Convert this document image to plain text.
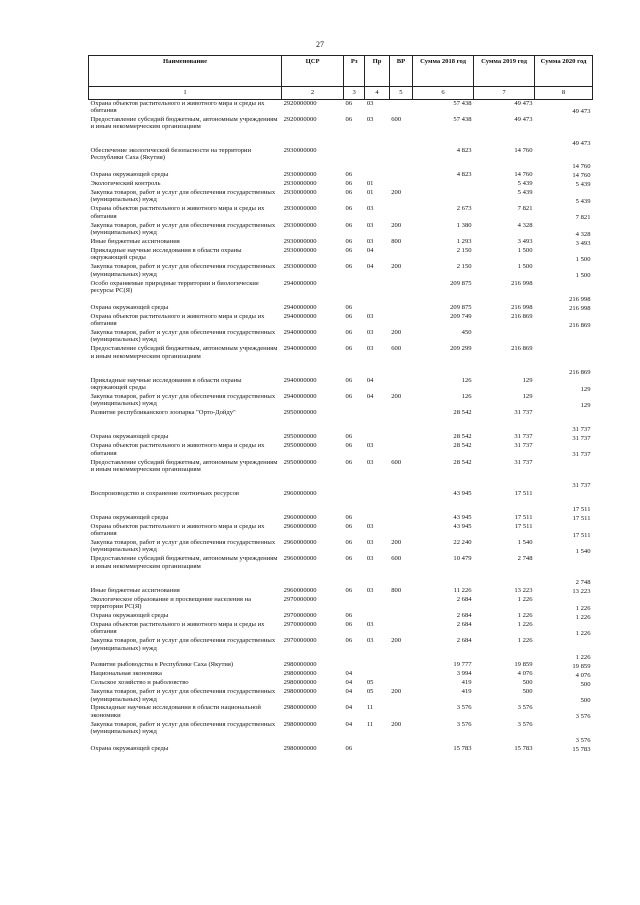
27
Наименование	ЦСР	Рз	Пр	ВР	Сумма 2018 год	Сумма 2019 год	Сумма 2020 год
1	2	3	4	5	6	7	8
Охрана объектов растительного и животного мира и среды их обитания	2920000000	06	03		57 438	49 473	49 473
Предоставление субсидий бюджетным, автономным учреждениям и иным некоммерческим организациям	2920000000	06	03	600	57 438	49 473	49 473
Обеспечение экологической безопасности на территории Республики Саха (Якутия)	2930000000				4 823	14 760	14 760
Охрана окружающей среды	2930000000	06			4 823	14 760	14 760
Экологический контроль	2930000000	06	01			5 439	5 439
Закупка товаров, работ и услуг для обеспечения государственных (муниципальных) нужд	2930000000	06	01	200		5 439	5 439
Охрана объектов растительного и животного мира и среды их обитания	2930000000	06	03		2 673	7 821	7 821
Закупка товаров, работ и услуг для обеспечения государственных (муниципальных) нужд	2930000000	06	03	200	1 380	4 328	4 328
Иные бюджетные ассигнования	2930000000	06	03	800	1 293	3 493	3 493
Прикладные научные исследования в области охраны окружающей среды	2930000000	06	04		2 150	1 500	1 500
Закупка товаров, работ и услуг для обеспечения государственных (муниципальных) нужд	2930000000	06	04	200	2 150	1 500	1 500
Особо охраняемые природные территории и биологические ресурсы РС(Я)	2940000000				209 875	216 998	216 998
Охрана окружающей среды	2940000000	06			209 875	216 998	216 998
Охрана объектов растительного и животного мира и среды их обитания	2940000000	06	03		209 749	216 869	216 869
Закупка товаров, работ и услуг для обеспечения государственных (муниципальных) нужд	2940000000	06	03	200	450		
Предоставление субсидий бюджетным, автономным учреждениям и иным некоммерческим организациям	2940000000	06	03	600	209 299	216 869	216 869
Прикладные научные исследования в области охраны окружающей среды	2940000000	06	04		126	129	129
Закупка товаров, работ и услуг для обеспечения государственных (муниципальных) нужд	2940000000	06	04	200	126	129	129
Развитие республиканского зоопарка "Орто-Дойду"	2950000000				28 542	31 737	31 737
Охрана окружающей среды	2950000000	06			28 542	31 737	31 737
Охрана объектов растительного и животного мира и среды их обитания	2950000000	06	03		28 542	31 737	31 737
Предоставление субсидий бюджетным, автономным учреждениям и иным некоммерческим организациям	2950000000	06	03	600	28 542	31 737	31 737
Воспроизводство и сохранение охотничьих ресурсов	2960000000				43 945	17 511	17 511
Охрана окружающей среды	2960000000	06			43 945	17 511	17 511
Охрана объектов растительного и животного мира и среды их обитания	2960000000	06	03		43 945	17 511	17 511
Закупка товаров, работ и услуг для обеспечения государственных (муниципальных) нужд	2960000000	06	03	200	22 240	1 540	1 540
Предоставление субсидий бюджетным, автономным учреждениям и иным некоммерческим организациям	2960000000	06	03	600	10 479	2 748	2 748
Иные бюджетные ассигнования	2960000000	06	03	800	11 226	13 223	13 223
Экологическое образование и просвещение населения на территории РС(Я)	2970000000				2 684	1 226	1 226
Охрана окружающей среды	2970000000	06			2 684	1 226	1 226
Охрана объектов растительного и животного мира и среды их обитания	2970000000	06	03		2 684	1 226	1 226
Закупка товаров, работ и услуг для обеспечения государственных (муниципальных) нужд	2970000000	06	03	200	2 684	1 226	1 226
Развитие рыбоводства в Республике Саха (Якутия)	2980000000				19 777	19 859	19 859
Национальная экономика	2980000000	04			3 994	4 076	4 076
Сельское хозяйство и рыболовство	2980000000	04	05		419	500	500
Закупка товаров, работ и услуг для обеспечения государственных (муниципальных) нужд	2980000000	04	05	200	419	500	500
Прикладные научные исследования в области национальной экономики	2980000000	04	11		3 576	3 576	3 576
Закупка товаров, работ и услуг для обеспечения государственных (муниципальных) нужд	2980000000	04	11	200	3 576	3 576	3 576
Охрана окружающей среды	2980000000	06			15 783	15 783	15 783
